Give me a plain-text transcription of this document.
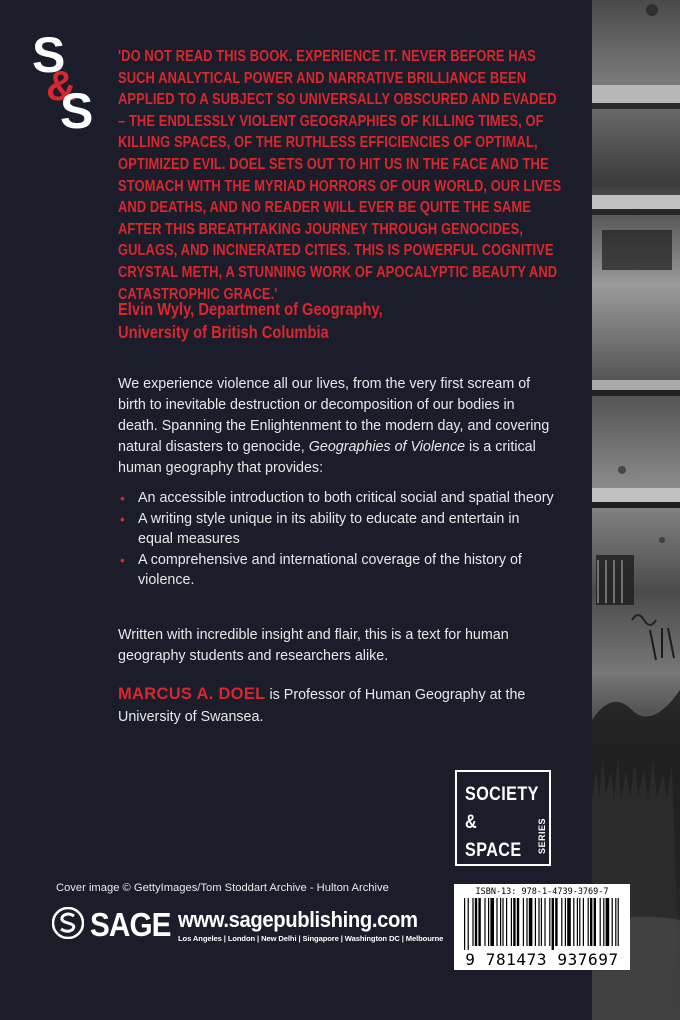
S
&
S
'DO NOT READ THIS BOOK. EXPERIENCE IT. NEVER BEFORE HAS SUCH ANALYTICAL POWER AND NARRATIVE BRILLIANCE BEEN APPLIED TO A SUBJECT SO UNIVERSALLY OBSCURED AND EVADED – THE ENDLESSLY VIOLENT GEOGRAPHIES OF KILLING TIMES, OF KILLING SPACES, OF THE RUTHLESS EFFICIENCIES OF OPTIMAL, OPTIMIZED EVIL. DOEL SETS OUT TO HIT US IN THE FACE AND THE STOMACH WITH THE MYRIAD HORRORS OF OUR WORLD, OUR LIVES AND DEATHS, AND NO READER WILL EVER BE QUITE THE SAME AFTER THIS BREATHTAKING JOURNEY THROUGH GENOCIDES, GULAGS, AND INCINERATED CITIES. THIS IS POWERFUL COGNITIVE CRYSTAL METH, A STUNNING WORK OF APOCALYPTIC BEAUTY AND CATASTROPHIC GRACE.'
Elvin Wyly, Department of Geography,
University of British Columbia
We experience violence all our lives, from the very first scream of birth to inevitable destruction or decomposition of our bodies in death. Spanning the Enlightenment to the modern day, and covering natural disasters to genocide, Geographies of Violence is a critical human geography that provides:
• An accessible introduction to both critical social and spatial theory
• A writing style unique in its ability to educate and entertain in equal measures
• A comprehensive and international coverage of the history of violence.
Written with incredible insight and flair, this is a text for human geography students and researchers alike.
MARCUS A. DOEL is Professor of Human Geography at the University of Swansea.
SOCIETY
&
SPACE SERIES
Cover image © GettyImages/Tom Stoddart Archive - Hulton Archive
SAGE www.sagepublishing.com
Los Angeles | London | New Delhi | Singapore | Washington DC | Melbourne
ISBN-13: 978-1-4739-3769-7
9 781473 937697
